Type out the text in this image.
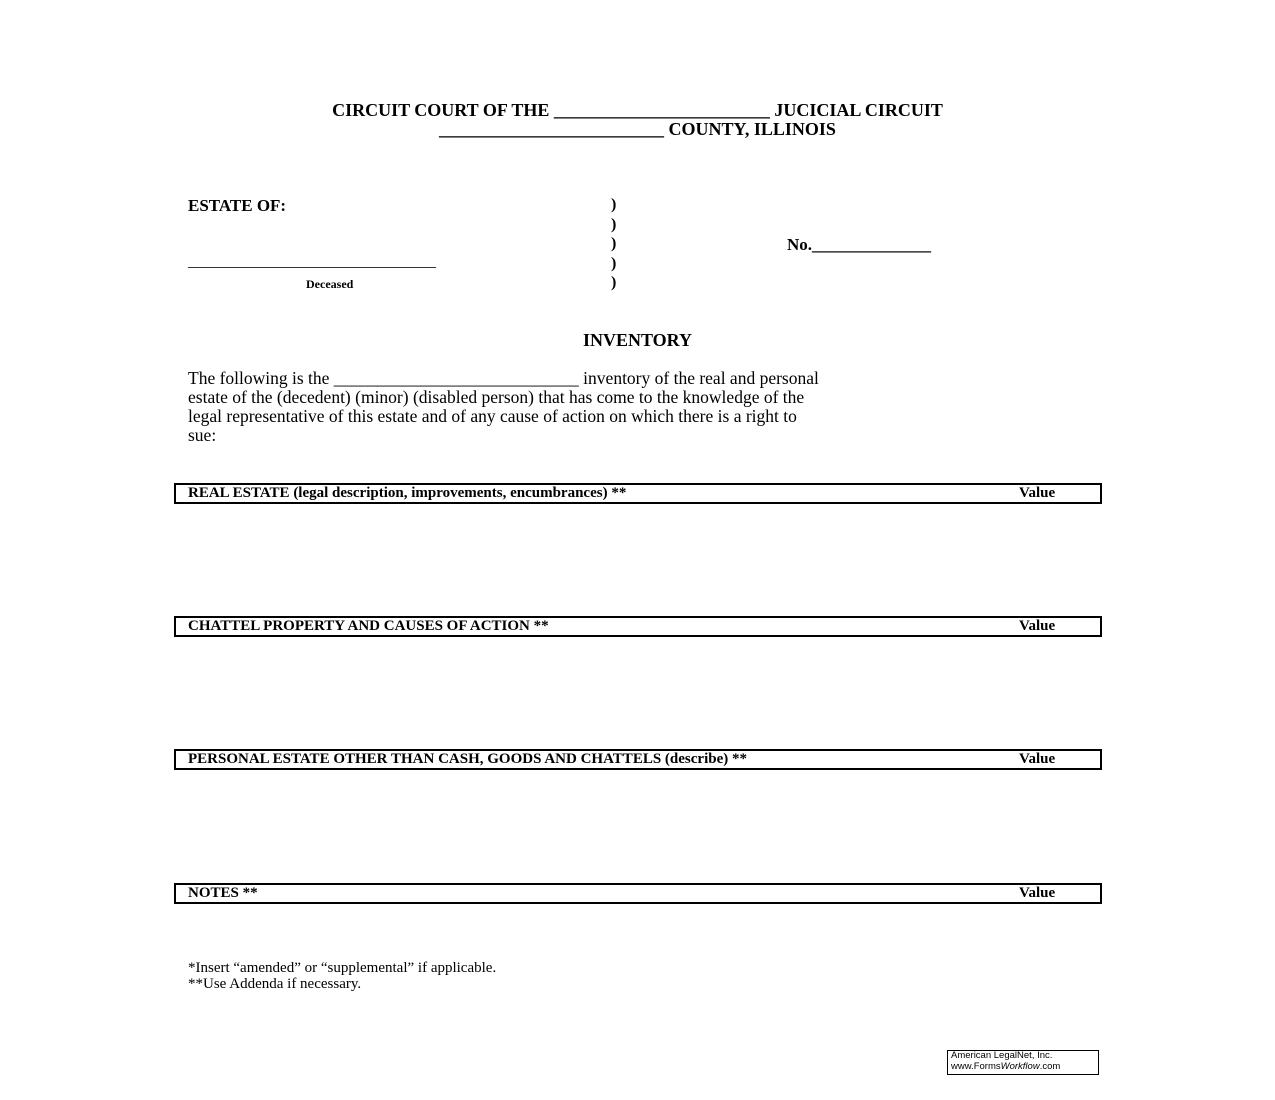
CIRCUIT COURT OF THE ________________________ JUCICIAL CIRCUIT
_________________________ COUNTY, ILLINOIS
ESTATE OF:
_______________________________
Deceased
)
)
)
)
)
No.______________
INVENTORY
The following is the ____________________________ inventory of the real and personal
estate of the (decedent) (minor) (disabled person) that has come to the knowledge of the
legal representative of this estate and of any cause of action on which there is a right to
sue:
REAL ESTATE (legal description, improvements, encumbrances) **	Value
CHATTEL PROPERTY AND CAUSES OF ACTION **	Value
PERSONAL ESTATE OTHER THAN CASH, GOODS AND CHATTELS (describe) **	Value
NOTES **	Value
*Insert “amended” or “supplemental” if applicable.
**Use Addenda if necessary.
American LegalNet, Inc.
www.FormsWorkflow.com
